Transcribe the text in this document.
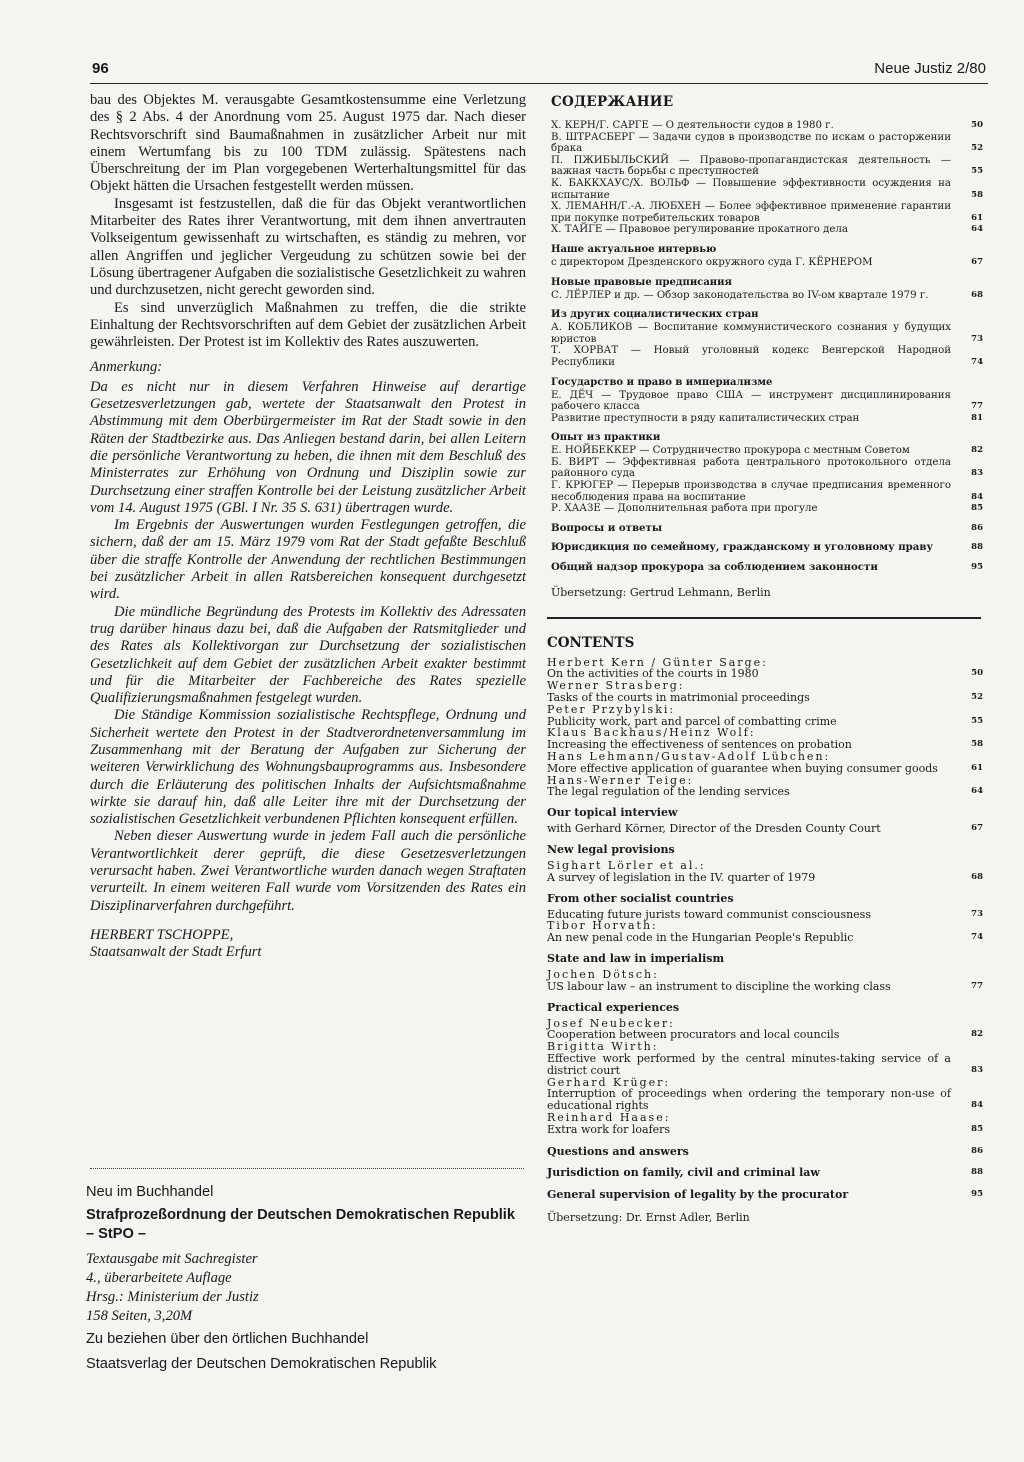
96	Neue Justiz 2/80

bau des Objektes M. verausgabte Gesamtkostensumme eine Verletzung des § 2 Abs. 4 der Anordnung vom 25. August 1975 dar. Nach dieser Rechtsvorschrift sind Baumaßnahmen in zusätzlicher Arbeit nur mit einem Wertumfang bis zu 100 TDM zulässig. Spätestens nach Überschreitung der im Plan vorgegebenen Werterhaltungsmittel für das Objekt hätten die Ursachen festgestellt werden müssen.

Insgesamt ist festzustellen, daß die für das Objekt verantwortlichen Mitarbeiter des Rates ihrer Verantwortung, mit dem ihnen anvertrauten Volkseigentum gewissenhaft zu wirtschaften, es ständig zu mehren, vor allen Angriffen und jeglicher Vergeudung zu schützen sowie bei der Lösung übertragener Aufgaben die sozialistische Gesetzlichkeit zu wahren und durchzusetzen, nicht gerecht geworden sind.

Es sind unverzüglich Maßnahmen zu treffen, die die strikte Einhaltung der Rechtsvorschriften auf dem Gebiet der zusätzlichen Arbeit gewährleisten. Der Protest ist im Kollektiv des Rates auszuwerten.

Anmerkung:

Da es nicht nur in diesem Verfahren Hinweise auf derartige Gesetzesverletzungen gab, wertete der Staatsanwalt den Protest in Abstimmung mit dem Oberbürgermeister im Rat der Stadt sowie in den Räten der Stadtbezirke aus. Das Anliegen bestand darin, bei allen Leitern die persönliche Verantwortung zu heben, die ihnen mit dem Beschluß des Ministerrates zur Erhöhung von Ordnung und Disziplin sowie zur Durchsetzung einer straffen Kontrolle bei der Leistung zusätzlicher Arbeit vom 14. August 1975 (GBl. I Nr. 35 S. 631) übertragen wurde.

Im Ergebnis der Auswertungen wurden Festlegungen getroffen, die sichern, daß der am 15. März 1979 vom Rat der Stadt gefaßte Beschluß über die straffe Kontrolle der Anwendung der rechtlichen Bestimmungen bei zusätzlicher Arbeit in allen Ratsbereichen konsequent durchgesetzt wird.

Die mündliche Begründung des Protests im Kollektiv des Adressaten trug darüber hinaus dazu bei, daß die Aufgaben der Ratsmitglieder und des Rates als Kollektivorgan zur Durchsetzung der sozialistischen Gesetzlichkeit auf dem Gebiet der zusätzlichen Arbeit exakter bestimmt und für die Mitarbeiter der Fachbereiche des Rates spezielle Qualifizierungsmaßnahmen festgelegt wurden.

Die Ständige Kommission sozialistische Rechtspflege, Ordnung und Sicherheit wertete den Protest in der Stadtverordnetenversammlung im Zusammenhang mit der Beratung der Aufgaben zur Sicherung der weiteren Verwirklichung des Wohnungsbauprogramms aus. Insbesondere durch die Erläuterung des politischen Inhalts der Aufsichtsmaßnahme wirkte sie darauf hin, daß alle Leiter ihre mit der Durchsetzung der sozialistischen Gesetzlichkeit verbundenen Pflichten konsequent erfüllen.

Neben dieser Auswertung wurde in jedem Fall auch die persönliche Verantwortlichkeit derer geprüft, die diese Gesetzesverletzungen verursacht haben. Zwei Verantwortliche wurden danach wegen Straftaten verurteilt. In einem weiteren Fall wurde vom Vorsitzenden des Rates ein Disziplinarverfahren durchgeführt.

HERBERT TSCHOPPE,
Staatsanwalt der Stadt Erfurt

Neu im Buchhandel

Strafprozeßordnung der Deutschen Demokratischen Republik – StPO –

Textausgabe mit Sachregister
4., überarbeitete Auflage
Hrsg.: Ministerium der Justiz
158 Seiten, 3,20M

Zu beziehen über den örtlichen Buchhandel

Staatsverlag der Deutschen Demokratischen Republik

СОДЕРЖАНИЕ
X. КЕРН/Г. САРГЕ — О деятельности судов в 1980 г.	50
В. ШТРАСБЕРГ — Задачи судов в производстве по искам о расторжении брака	52
П. ПЖИБЫЛЬСКИЙ — Правово-пропагандистская деятельность — важная часть борьбы с преступностей	55
К. БАККХАУС/Х. ВОЛЬФ — Повышение эффективности осуждения на испытание	58
X. ЛЕМАНН/Г.-А. ЛЮБХЕН — Более эффективное применение гарантии при покупке потребительских товаров	61
X. ТАЙГЕ — Правовое регулирование прокатного дела	64
Наше актуальное интервью
с директором Дрезденского окружного суда Г. КЁРНЕРОМ	67
Новые правовые предписания
С. ЛЁРЛЕР и др. — Обзор законодательства во IV-ом квартале 1979 г.	68
Из других социалистических стран
А. КОБЛИКОВ — Воспитание коммунистического сознания у будущих юристов	73
Т. ХОРВАТ — Новый уголовный кодекс Венгерской Народной Республики	74
Государство и право в империализме
Е. ДЁЧ — Трудовое право США — инструмент дисциплинирования рабочего класса	77
Развитие преступности в ряду капиталистических стран	81
Опыт из практики
Е. НОЙБЕККЕР — Сотрудничество прокурора с местным Советом	82
Б. ВИРТ — Эффективная работа центрального протокольного отдела районного суда	83
Г. КРЮГЕР — Перерыв производства в случае предписания временного несоблюдения права на воспитание	84
Р. ХААЗЕ — Дополнительная работа при прогуле	85
Вопросы и ответы	86
Юрисдикция по семейному, гражданскому и уголовному праву	88
Общий надзор прокурора за соблюдением законности	95
Übersetzung: Gertrud Lehmann, Berlin
CONTENTS
Herbert Kern / Günter Sarge:
On the activities of the courts in 1980	50
Werner Strasberg:
Tasks of the courts in matrimonial proceedings	52
Peter Przybylski:
Publicity work, part and parcel of combatting crime	55
Klaus Backhaus/Heinz Wolf:
Increasing the effectiveness of sentences on probation	58
Hans Lehmann/Gustav-Adolf Lübchen:
More effective application of guarantee when buying consumer goods	61
Hans-Werner Teige:
The legal regulation of the lending services	64
Our topical interview
with Gerhard Körner, Director of the Dresden County Court	67
New legal provisions
Sighart Lörler et al.:
A survey of legislation in the IV. quarter of 1979	68
From other socialist countries
Educating future jurists toward communist consciousness	73
Tibor Horvath:
An new penal code in the Hungarian People's Republic	74
State and law in imperialism
Jochen Dötsch:
US labour law – an instrument to discipline the working class	77
Practical experiences
Josef Neubecker:
Cooperation between procurators and local councils	82
Brigitta Wirth:
Effective work performed by the central minutes-taking service of a district court	83
Gerhard Krüger:
Interruption of proceedings when ordering the temporary non-use of educational rights	84
Reinhard Haase:
Extra work for loafers	85
Questions and answers	86
Jurisdiction on family, civil and criminal law	88
General supervision of legality by the procurator	95
Übersetzung: Dr. Ernst Adler, Berlin
